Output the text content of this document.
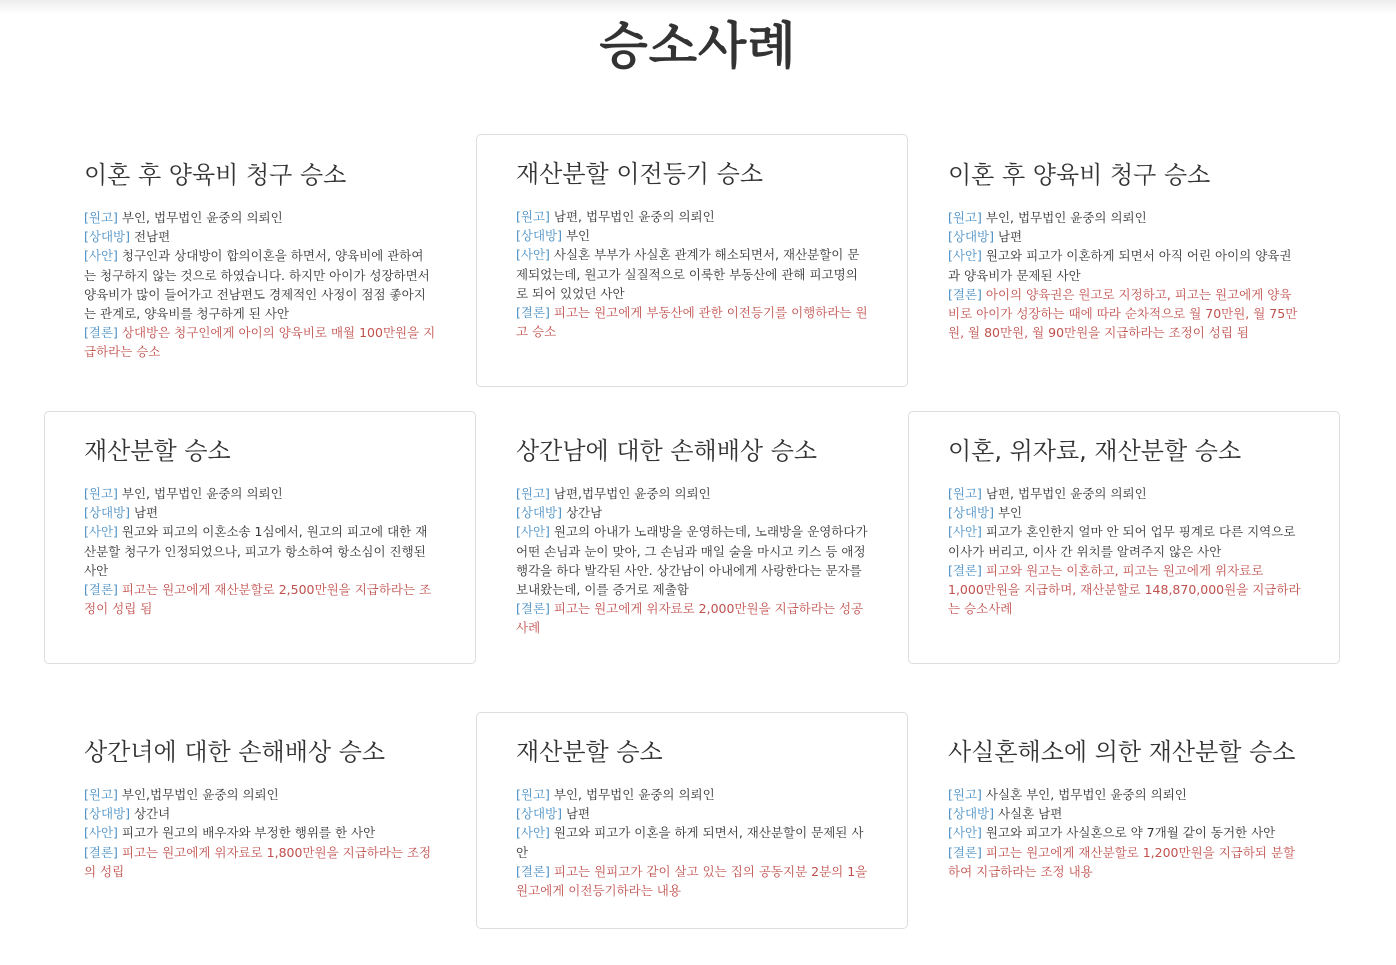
승소사례
이혼 후 양육비 청구 승소

[원고] 부인, 법무법인 윤중의 의뢰인

[상대방] 전남편

[사안] 청구인과 상대방이 합의이혼을 하면서, 양육비에 관하여 는 청구하지 않는 것으로 하였습니다. 하지만 아이가 성장하면서 양육비가 많이 들어가고 전남편도 경제적인 사정이 점점 좋아지는 관계로, 양육비를 청구하게 된 사안

[결론] 상대방은 청구인에게 아이의 양육비로 매월 100만원을 지급하라는 승소

재산분할 이전등기 승소

[원고] 남편, 법무법인 윤중의 의뢰인

[상대방] 부인

[사안] 사실혼 부부가 사실혼 관계가 해소되면서, 재산분할이 문제되었는데, 원고가 실질적으로 이룩한 부동산에 관해 피고명의로 되어 있었던 사안

[결론] 피고는 원고에게 부동산에 관한 이전등기를 이행하라는 원고 승소

이혼 후 양육비 청구 승소

[원고] 부인, 법무법인 윤중의 의뢰인

[상대방] 남편

[사안] 원고와 피고가 이혼하게 되면서 아직 어린 아이의 양육권과 양육비가 문제된 사안

[결론] 아이의 양육권은 원고로 지정하고, 피고는 원고에게 양육비로 아이가 성장하는 때에 따라 순차적으로 월 70만원, 월 75만원, 월 80만원, 월 90만원을 지급하라는 조정이 성립 됨

재산분할 승소

[원고] 부인, 법무법인 윤중의 의뢰인

[상대방] 남편

[사안] 원고와 피고의 이혼소송 1심에서, 원고의 피고에 대한 재산분할 청구가 인정되었으나, 피고가 항소하여 항소심이 진행된 사안

[결론] 피고는 원고에게 재산분할로 2,500만원을 지급하라는 조정이 성립 됨

상간남에 대한 손해배상 승소

[원고] 남편,법무법인 윤중의 의뢰인

[상대방] 상간남

[사안] 원고의 아내가 노래방을 운영하는데, 노래방을 운영하다가 어떤 손님과 눈이 맞아, 그 손님과 매일 술을 마시고 키스 등 애정행각을 하다 발각된 사안. 상간남이 아내에게 사랑한다는 문자를 보내왔는데, 이를 증거로 제출함

[결론] 피고는 원고에게 위자료로 2,000만원을 지급하라는 성공사례

이혼, 위자료, 재산분할 승소

[원고] 남편, 법무법인 윤중의 의뢰인

[상대방] 부인

[사안] 피고가 혼인한지 얼마 안 되어 업무 핑계로 다른 지역으로 이사가 버리고, 이사 간 위치를 알려주지 않은 사안

[결론] 피고와 원고는 이혼하고, 피고는 원고에게 위자료로 1,000만원을 지급하며, 재산분할로 148,870,000원을 지급하라는 승소사례

상간녀에 대한 손해배상 승소

[원고] 부인,법무법인 윤중의 의뢰인

[상대방] 상간녀

[사안] 피고가 원고의 배우자와 부정한 행위를 한 사안

[결론] 피고는 원고에게 위자료로 1,800만원을 지급하라는 조정의 성립

재산분할 승소

[원고] 부인, 법무법인 윤중의 의뢰인

[상대방] 남편

[사안] 원고와 피고가 이혼을 하게 되면서, 재산분할이 문제된 사안

[결론] 피고는 원피고가 같이 살고 있는 집의 공동지분 2분의 1을 원고에게 이전등기하라는 내용

사실혼해소에 의한 재산분할 승소

[원고] 사실혼 부인, 법무법인 윤중의 의뢰인

[상대방] 사실혼 남편

[사안] 원고와 피고가 사실혼으로 약 7개월 같이 동거한 사안

[결론] 피고는 원고에게 재산분할로 1,200만원을 지급하되 분할하여 지급하라는 조정 내용
